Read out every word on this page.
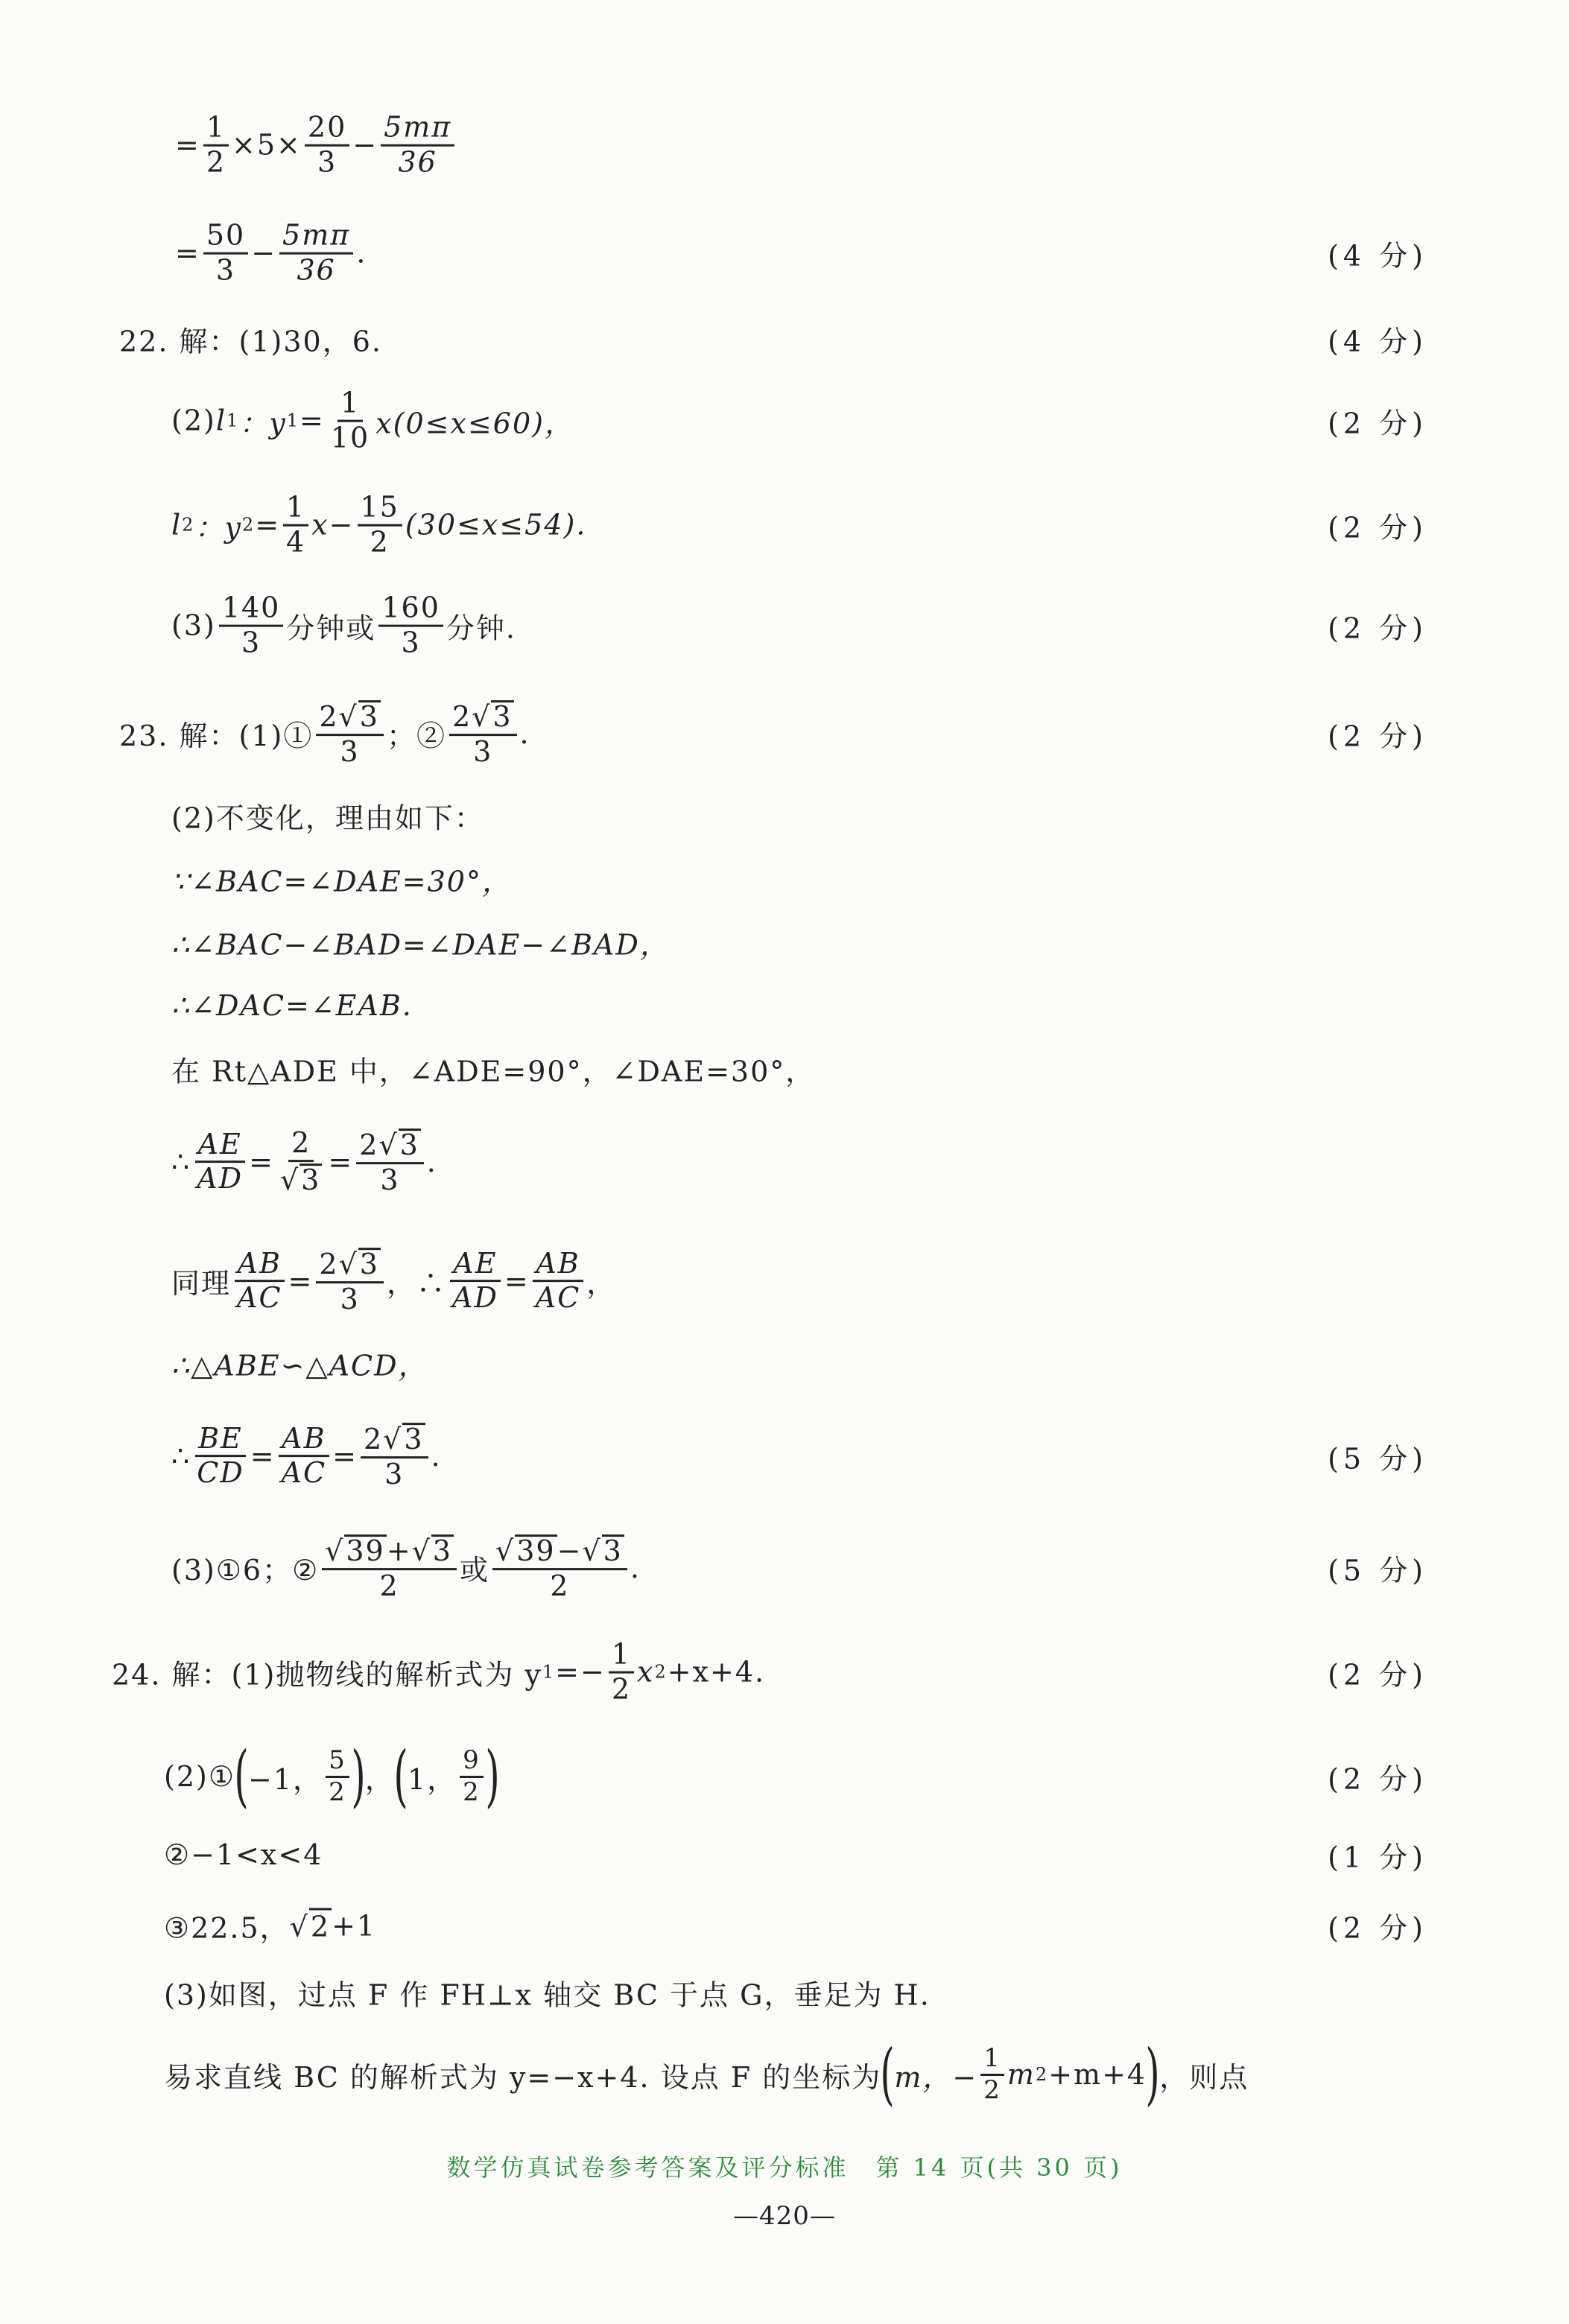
= $\frac{1}{2} \times 5\times \frac{20}{3} - \frac{5m\pi}{36}$
= $\frac{50}{3} - \frac{5m\pi}{36}$ .	(4 分)
22. 解：(1)30，6.	(4 分)
(2) l 1 ：y $1 = \frac{1}{10} x(0\le x\le 60)$，	(2 分)
l 2 ：y $2 = \frac{1}{4} x- \frac{15}{2} (30\le x\le 54)$.	(2 分)
$(3) \frac{140}{3}$ 分钟或 $\frac{160}{3}$ 分钟.	(2 分)
23. 解：(1)① $\frac{2 √ 3}{3}$ ；② $\frac{2 √ 3}{3}$ .	(2 分)
(2)不变化，理由如下：
∵∠BAC=∠DAE=30°，
∴∠BAC−∠BAD=∠DAE−∠BAD，
∴∠DAC=∠EAB.
在 Rt△ADE 中，∠ADE=90°，∠DAE=30°，
∴ $\frac{AE}{AD} = \frac{2}{√ 3} = \frac{2 √ 3}{3}$ .
同理 $\frac{AB}{AC} = \frac{2 √ 3}{3}$ ，∴ $\frac{AE}{AD} = \frac{AB}{AC}$ ，
∴△ABE∽△ACD，
∴ $\frac{BE}{CD} = \frac{AB}{AC} = \frac{2 √ 3}{3}$ .	(5 分)
(3)①6；② $\frac{√ 39 + √ 3}{2}$ 或 $\frac{√ 39 - √ 3}{2}$ .	(5 分)
24. 解：(1)抛物线的解析式为 y $1 =- \frac{1}{2}$ x 2 +x+4.	(2 分)
(2)①
(
−1， $\frac{5}{2}$ )
，
(
1， $\frac{9}{2}$ )	(2 分)
②−1<x<4	(1 分)
③22.5， √ 2 +1	(2 分)
(3)如图，过点 F 作 FH⊥x 轴交 BC 于点 G，垂足为 H.
易求直线 BC 的解析式为 y=−x+4. 设点 F 的坐标为
(
m，− $\frac{1}{2}$ m 2 +m+4
)
，则点
数学仿真试卷参考答案及评分标准　第 14 页(共 30 页)
—420—
